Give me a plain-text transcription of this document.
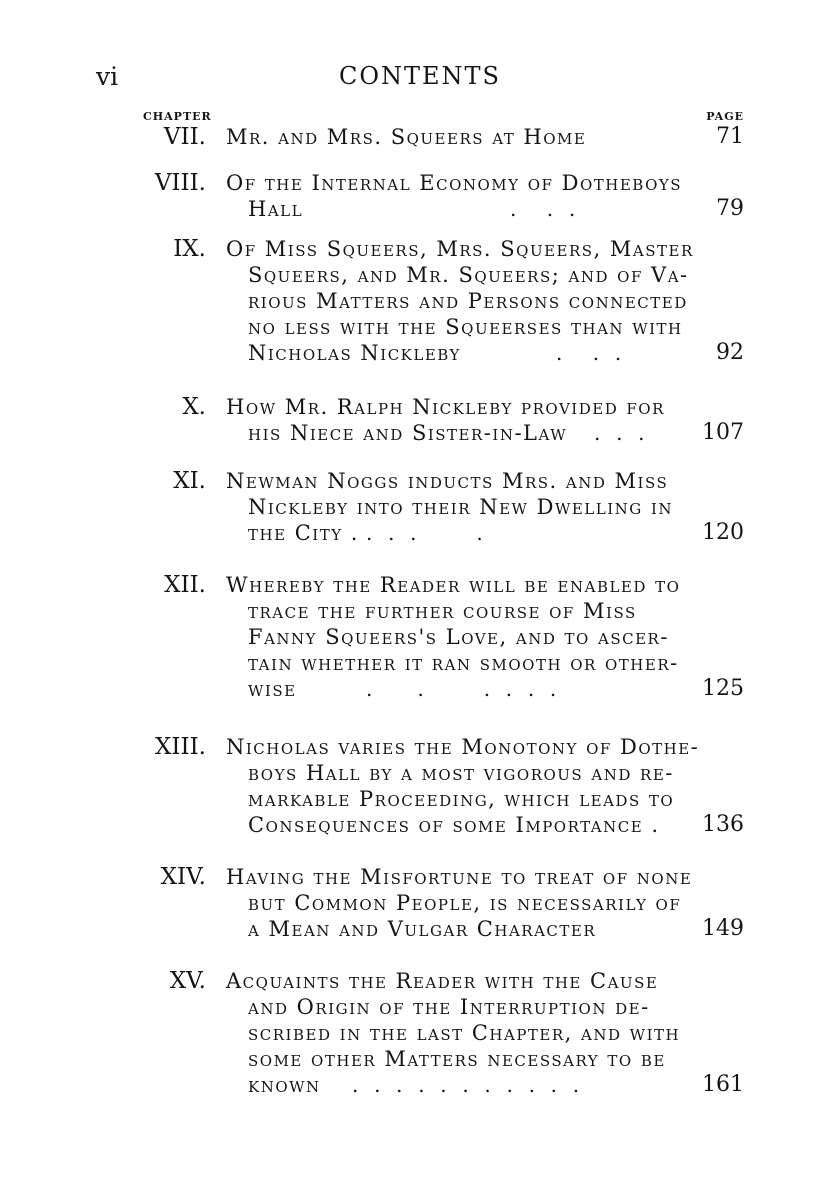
vi	CONTENTS
CHAPTER	PAGE
VII. Mr. and Mrs. Squeers at Home	71
VIII. Of the Internal Economy of Dotheboys
Hall	.    .  .	79
IX. Of Miss Squeers, Mrs. Squeers, Master
Squeers, and Mr. Squeers; and of Va-
rious Matters and Persons connected
no less with the Squeerses than with
Nicholas Nickleby	.    .  .	92
X. How Mr. Ralph Nickleby provided for
his Niece and Sister-in-Law .  .  .	107
XI. Newman Noggs inducts Mrs. and Miss
Nickleby into their New Dwelling in
the City . .  .  .        .	120
XII. Whereby the Reader will be enabled to
trace the further course of Miss
Fanny Squeers's Love, and to ascer-
tain whether it ran smooth or other-
wise	.      .        .  .  .  .	125
XIII. Nicholas varies the Monotony of Dothe-
boys Hall by a most vigorous and re-
markable Proceeding, which leads to
Consequences of some Importance . 136
XIV. Having the Misfortune to treat of none
but Common People, is necessarily of
a Mean and Vulgar Character	149
XV. Acquaints the Reader with the Cause
and Origin of the Interruption de-
scribed in the last Chapter, and with
some other Matters necessary to be
known .  .  .  .  .  .  .  .  .  .  .	161
